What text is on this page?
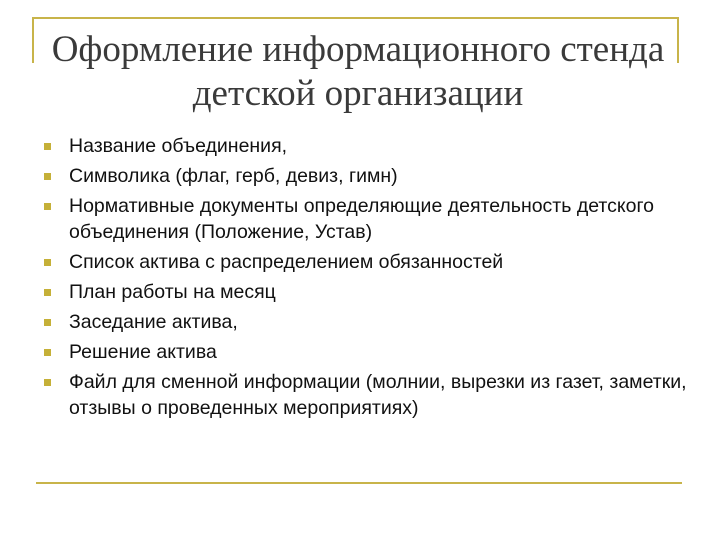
Оформление информационного стенда
детской организации
Название объединения,
Символика (флаг, герб, девиз, гимн)
Нормативные документы определяющие деятельность детского объединения (Положение, Устав)
Список актива с распределением обязанностей
План работы на месяц
Заседание актива,
Решение актива
Файл для сменной информации (молнии, вырезки из газет, заметки, отзывы о проведенных мероприятиях)
